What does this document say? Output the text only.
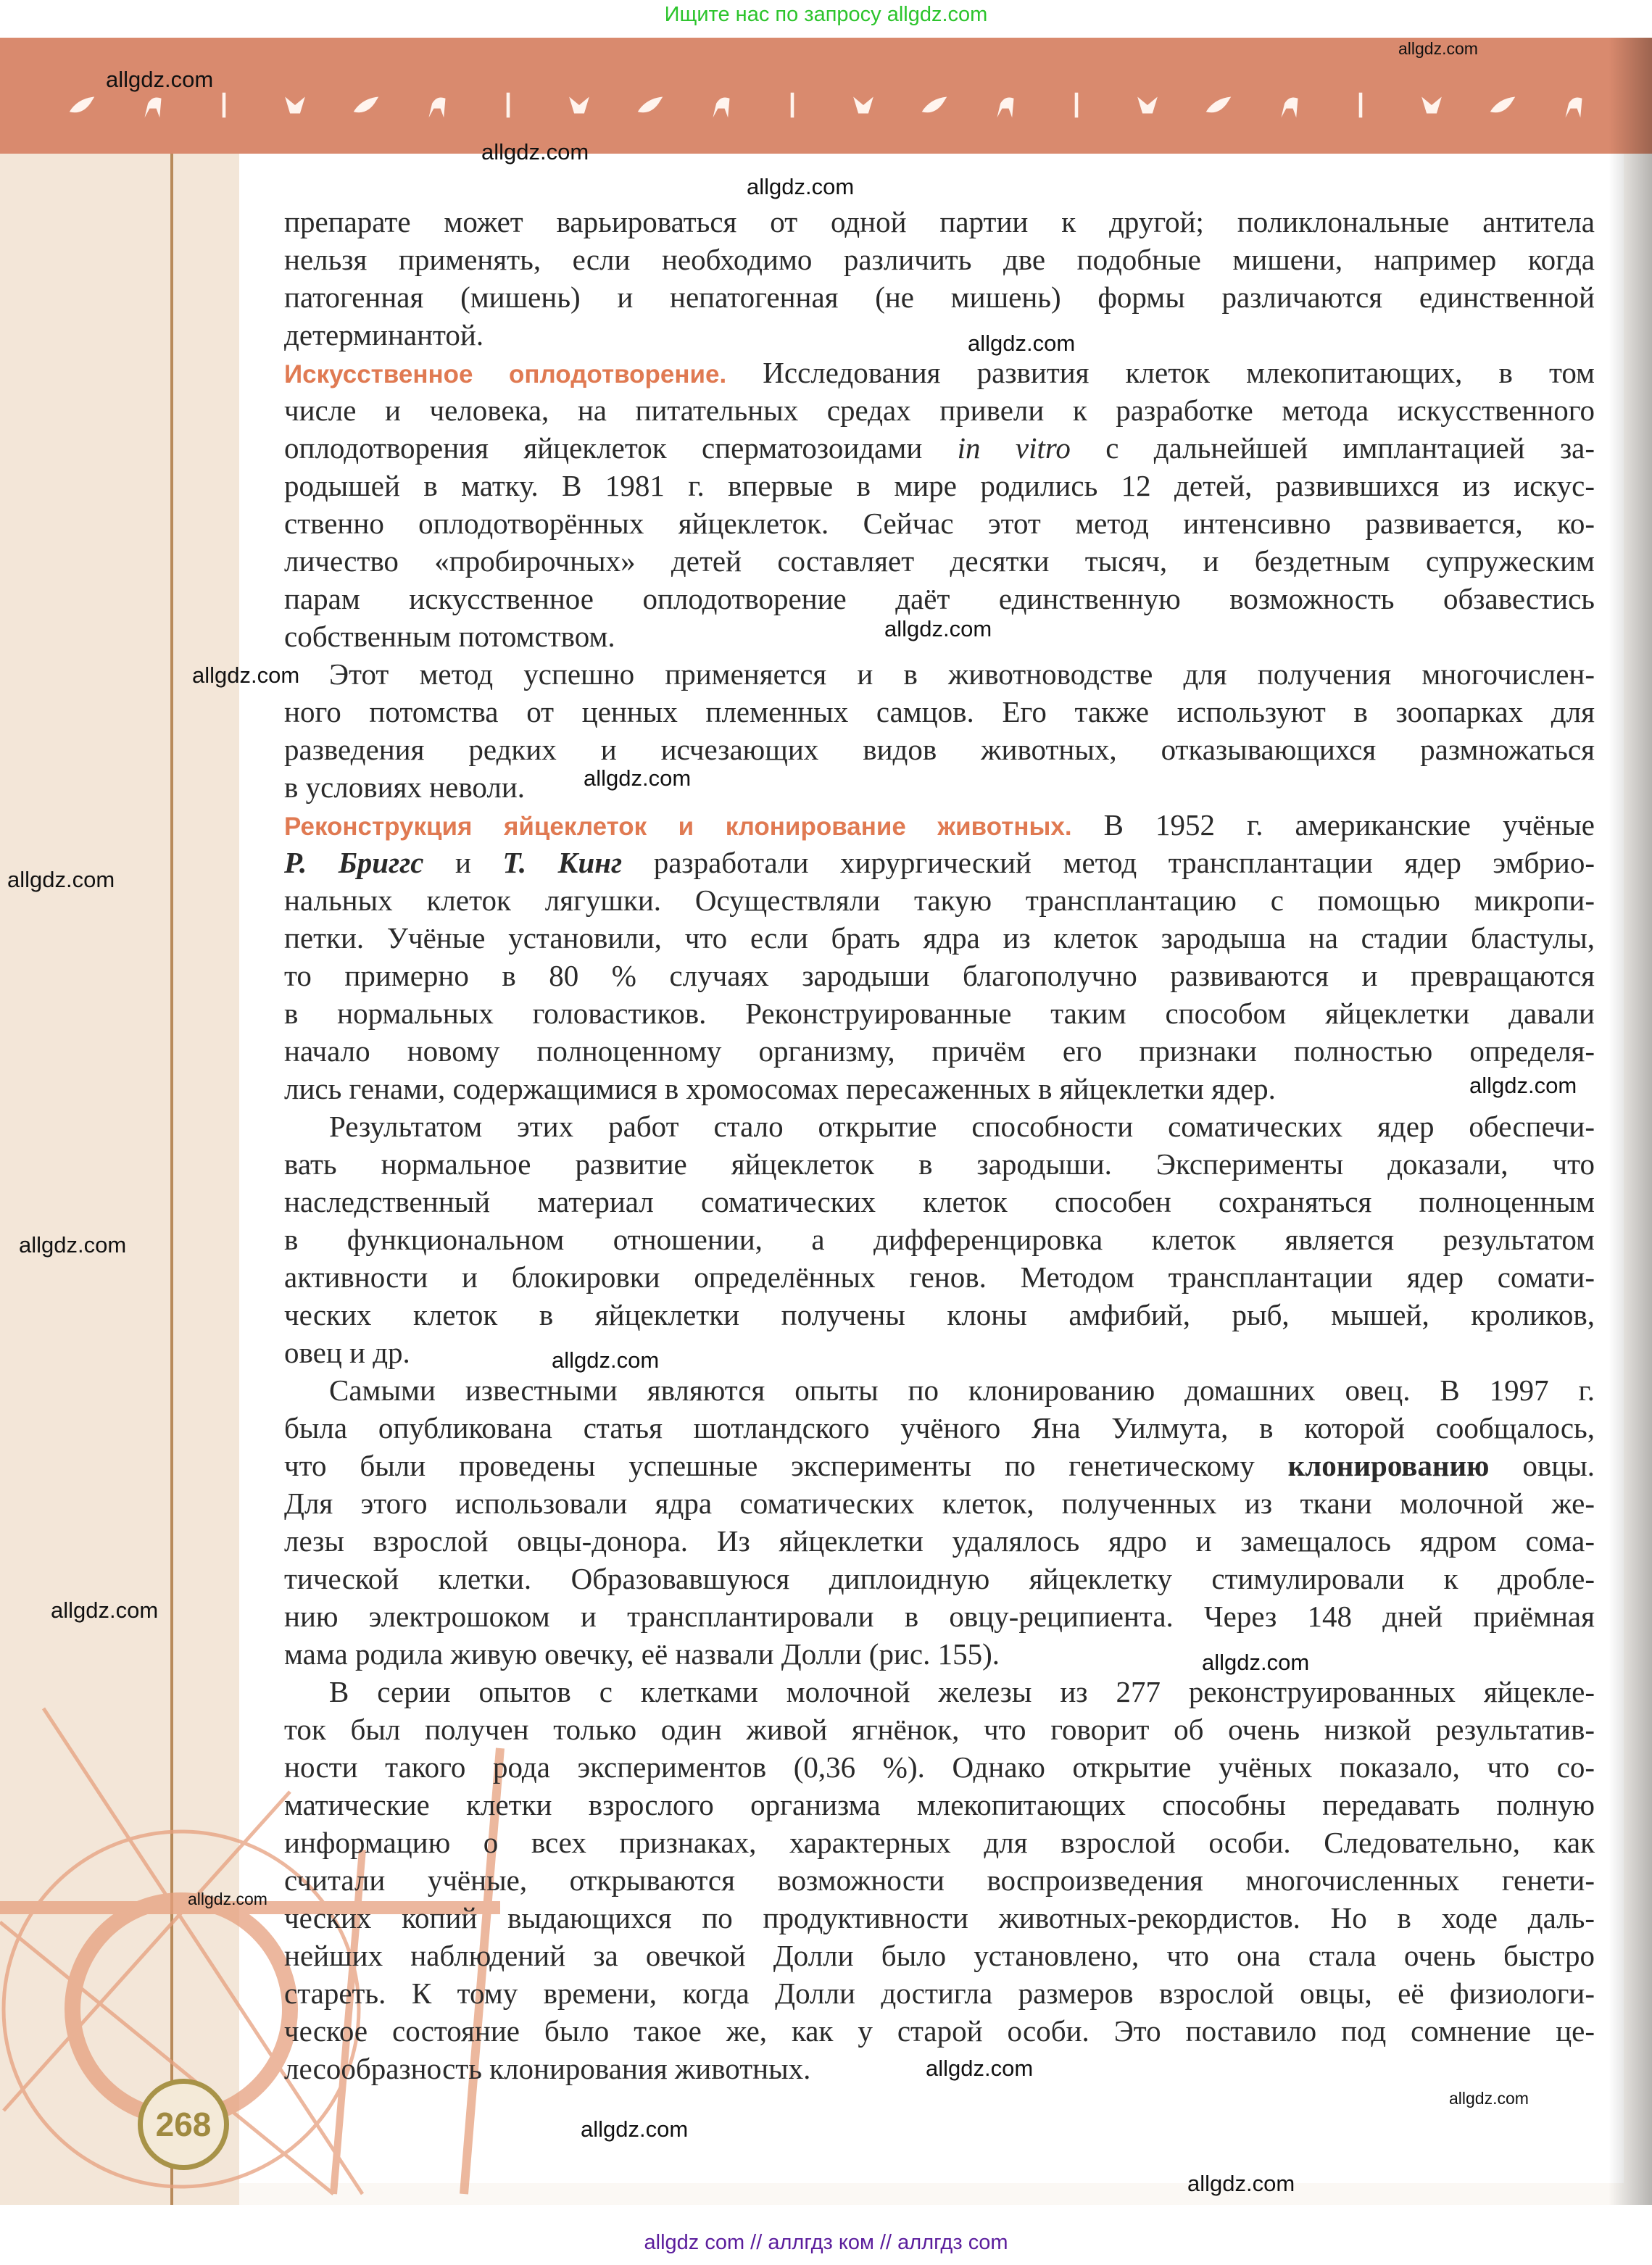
Ищите нас по запросу allgdz.com
препарате может варьироваться от одной партии к другой; поликлональные антитела
нельзя применять, если необходимо различить две подобные мишени, например когда
патогенная (мишень) и непатогенная (не мишень) формы различаются единственной
детерминантой.
Искусственное оплодотворение. Исследования развития клеток млекопитающих, в том
числе и человека, на питательных средах привели к разработке метода искусственного
оплодотворения яйцеклеток сперматозоидами in vitro с дальнейшей имплантацией за-
родышей в матку. В 1981 г. впервые в мире родились 12 детей, развившихся из искус-
ственно оплодотворённых яйцеклеток. Сейчас этот метод интенсивно развивается, ко-
личество «пробирочных» детей составляет десятки тысяч, и бездетным супружеским
парам искусственное оплодотворение даёт единственную возможность обзавестись
собственным потомством.
Этот метод успешно применяется и в животноводстве для получения многочислен-
ного потомства от ценных племенных самцов. Его также используют в зоопарках для
разведения редких и исчезающих видов животных, отказывающихся размножаться
в условиях неволи.
Реконструкция яйцеклеток и клонирование животных. В 1952 г. американские учёные
Р. Бриггс и Т. Кинг разработали хирургический метод трансплантации ядер эмбрио-
нальных клеток лягушки. Осуществляли такую трансплантацию с помощью микропи-
петки. Учёные установили, что если брать ядра из клеток зародыша на стадии бластулы,
то примерно в 80 % случаях зародыши благополучно развиваются и превращаются
в нормальных головастиков. Реконструированные таким способом яйцеклетки давали
начало новому полноценному организму, причём его признаки полностью определя-
лись генами, содержащимися в хромосомах пересаженных в яйцеклетки ядер.
Результатом этих работ стало открытие способности соматических ядер обеспечи-
вать нормальное развитие яйцеклеток в зародыши. Эксперименты доказали, что
наследственный материал соматических клеток способен сохраняться полноценным
в функциональном отношении, а дифференцировка клеток является результатом
активности и блокировки определённых генов. Методом трансплантации ядер сомати-
ческих клеток в яйцеклетки получены клоны амфибий, рыб, мышей, кроликов,
овец и др.
Самыми известными являются опыты по клонированию домашних овец. В 1997 г.
была опубликована статья шотландского учёного Яна Уилмута, в которой сообщалось,
что были проведены успешные эксперименты по генетическому клонированию овцы.
Для этого использовали ядра соматических клеток, полученных из ткани молочной же-
лезы взрослой овцы-донора. Из яйцеклетки удалялось ядро и замещалось ядром сома-
тической клетки. Образовавшуюся диплоидную яйцеклетку стимулировали к дробле-
нию электрошоком и трансплантировали в овцу-реципиента. Через 148 дней приёмная
мама родила живую овечку, её назвали Долли (рис. 155).
В серии опытов с клетками молочной железы из 277 реконструированных яйцекле-
ток был получен только один живой ягнёнок, что говорит об очень низкой результатив-
ности такого рода экспериментов (0,36 %). Однако открытие учёных показало, что со-
матические клетки взрослого организма млекопитающих способны передавать полную
информацию о всех признаках, характерных для взрослой особи. Следовательно, как
считали учёные, открываются возможности воспроизведения многочисленных генети-
ческих копий выдающихся по продуктивности животных-рекордистов. Но в ходе даль-
нейших наблюдений за овечкой Долли было установлено, что она стала очень быстро
стареть. К тому времени, когда Долли достигла размеров взрослой овцы, её физиологи-
ческое состояние было такое же, как у старой особи. Это поставило под сомнение це-
лесообразность клонирования животных.
268
allgdz.com
allgdz.com
allgdz.com
allgdz.com
allgdz.com
allgdz.com
allgdz.com
allgdz.com
allgdz.com
allgdz.com
allgdz.com
allgdz.com
allgdz.com
allgdz.com
allgdz.com
allgdz.com
allgdz.com
allgdz.com
allgdz.com
allgdz com // аллгдз ком // аллгдз com
